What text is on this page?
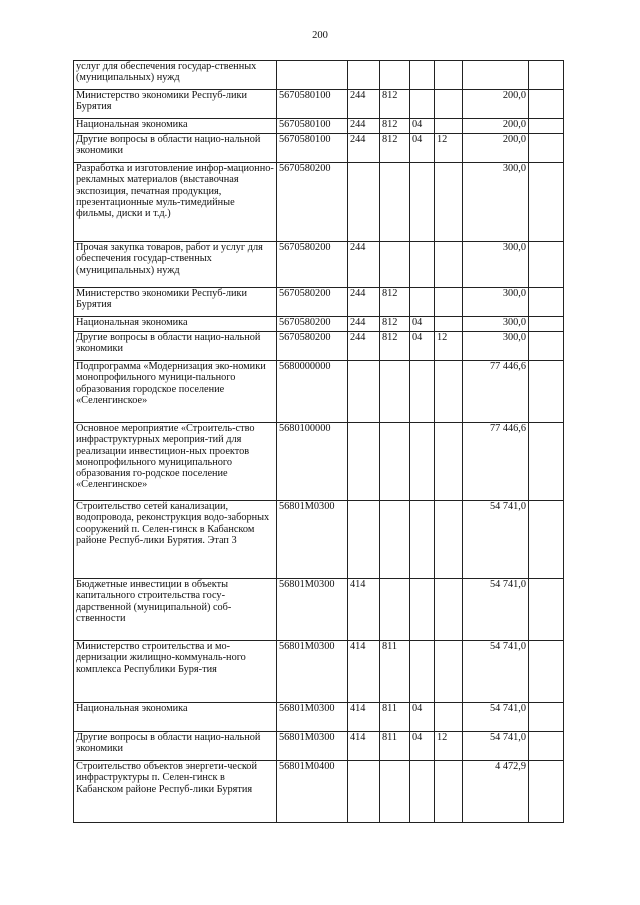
200
услуг для обеспечения государ-ственных (муниципальных) нужд							
Министерство экономики Респуб-лики Бурятия	5670580100	244	812			200,0	
Национальная экономика	5670580100	244	812	04		200,0	
Другие вопросы в области нацио-нальной экономики	5670580100	244	812	04	12	200,0	
Разработка и изготовление инфор-мационно-рекламных материалов (выставочная экспозиция, печатная продукция, презентационные муль-тимедийные фильмы, диски и т.д.)	5670580200					300,0	
Прочая закупка товаров, работ и услуг для обеспечения государ-ственных (муниципальных) нужд	5670580200	244				300,0	
Министерство экономики Респуб-лики Бурятия	5670580200	244	812			300,0	
Национальная экономика	5670580200	244	812	04		300,0	
Другие вопросы в области нацио-нальной экономики	5670580200	244	812	04	12	300,0	
Подпрограмма «Модернизация эко-номики монопрофильного муници-пального образования городское поселение «Селенгинское»	5680000000					77 446,6	
Основное мероприятие «Строитель-ство инфраструктурных мероприя-тий для реализации инвестицион-ных проектов монопрофильного муниципального образования го-родское поселение «Селенгинское»	5680100000					77 446,6	
Строительство сетей канализации, водопровода, реконструкция водо-заборных сооружений п. Селен-гинск в Кабанском районе Респуб-лики Бурятия. Этап 3	56801М0300					54 741,0	
Бюджетные инвестиции в объекты капитального строительства госу-дарственной (муниципальной) соб-ственности	56801М0300	414				54 741,0	
Министерство строительства и мо-дернизации жилищно-коммуналь-ного комплекса Республики Буря-тия	56801М0300	414	811			54 741,0	
Национальная экономика	56801М0300	414	811	04		54 741,0	
Другие вопросы в области нацио-нальной экономики	56801М0300	414	811	04	12	54 741,0	
Строительство объектов энергети-ческой инфраструктуры п. Селен-гинск в Кабанском районе Респуб-лики Бурятия	56801М0400					4 472,9	
